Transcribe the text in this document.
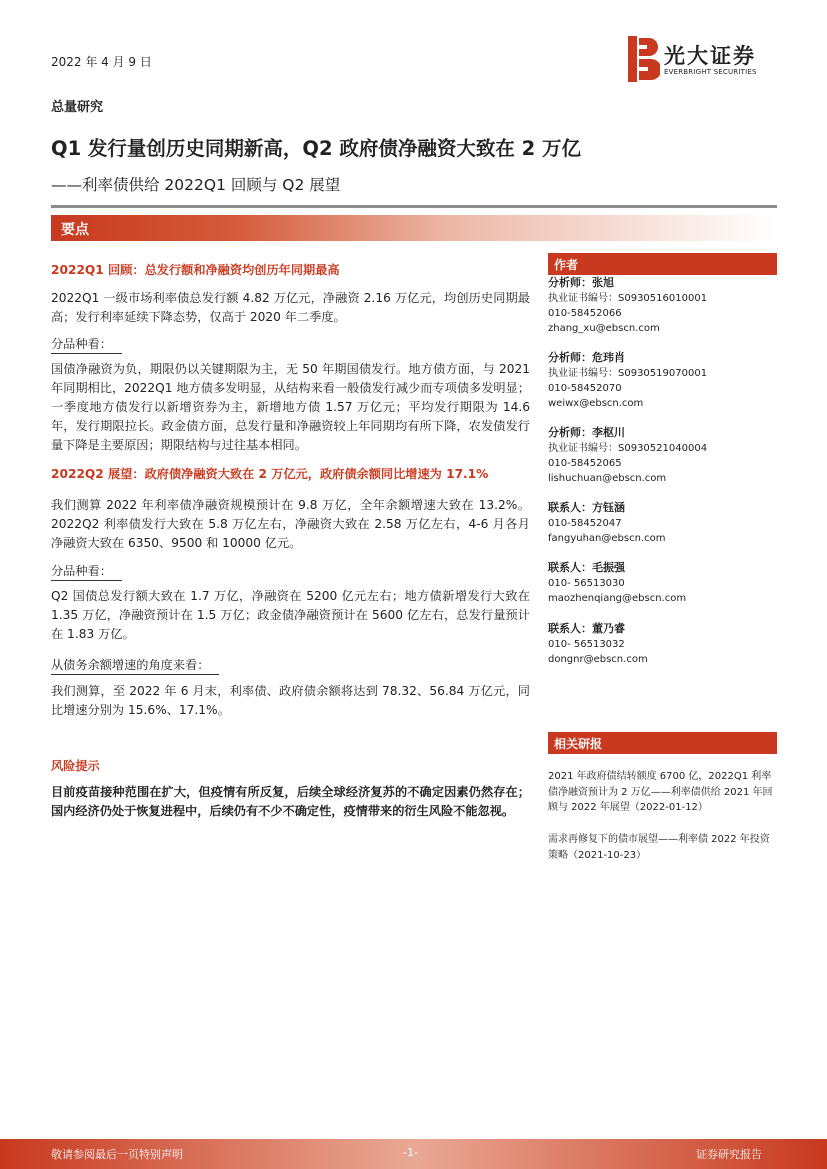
2022 年 4 月 9 日	光大证券
EVERBRIGHT SECURITIES
总量研究
Q1 发行量创历史同期新高，Q2 政府债净融资大致在 2 万亿
——利率债供给 2022Q1 回顾与 Q2 展望
要点
2022Q1 回顾：总发行额和净融资均创历年同期最高
2022Q1 一级市场利率债总发行额 4.82 万亿元，净融资 2.16 万亿元，均创历史同期最高；发行利率延续下降态势，仅高于 2020 年二季度。
分品种看：
国债净融资为负，期限仍以关键期限为主，无 50 年期国债发行。地方债方面，与 2021 年同期相比，2022Q1 地方债多发明显，从结构来看一般债发行减少而专项债多发明显；一季度地方债发行以新增资券为主，新增地方债 1.57 万亿元；平均发行期限为 14.6 年，发行期限拉长。政金债方面，总发行量和净融资较上年同期均有所下降，农发债发行量下降是主要原因；期限结构与过往基本相同。
2022Q2 展望：政府债净融资大致在 2 万亿元，政府债余额同比增速为 17.1%
我们测算 2022 年利率债净融资规模预计在 9.8 万亿，全年余额增速大致在 13.2%。2022Q2 利率债发行大致在 5.8 万亿左右，净融资大致在 2.58 万亿左右，4-6 月各月净融资大致在 6350、9500 和 10000 亿元。
分品种看：
Q2 国债总发行额大致在 1.7 万亿，净融资在 5200 亿元左右；地方债新增发行大致在 1.35 万亿，净融资预计在 1.5 万亿；政金债净融资预计在 5600 亿左右，总发行量预计在 1.83 万亿。
从债务余额增速的角度来看：
我们测算，至 2022 年 6 月末，利率债、政府债余额将达到 78.32、56.84 万亿元，同比增速分别为 15.6%、17.1%。
风险提示
目前疫苗接种范围在扩大，但疫情有所反复，后续全球经济复苏的不确定因素仍然存在；国内经济仍处于恢复进程中，后续仍有不少不确定性，疫情带来的衍生风险不能忽视。
作者
分析师：张旭
执业证书编号：S0930516010001
010-58452066
zhang_xu@ebscn.com
分析师：危玮肖
执业证书编号：S0930519070001
010-58452070
weiwx@ebscn.com
分析师：李枢川
执业证书编号：S0930521040004
010-58452065
lishuchuan@ebscn.com
联系人：方钰涵
010-58452047
fangyuhan@ebscn.com
联系人：毛振强
010- 56513030
maozhenqiang@ebscn.com
联系人：董乃睿
010- 56513032
dongnr@ebscn.com
相关研报
2021 年政府债结转额度 6700 亿，2022Q1 利率债净融资预计为 2 万亿——利率债供给 2021 年回顾与 2022 年展望（2022-01-12）
需求再修复下的债市展望——利率债 2022 年投资策略（2021-10-23）
敬请参阅最后一页特别声明	-1-	证券研究报告
